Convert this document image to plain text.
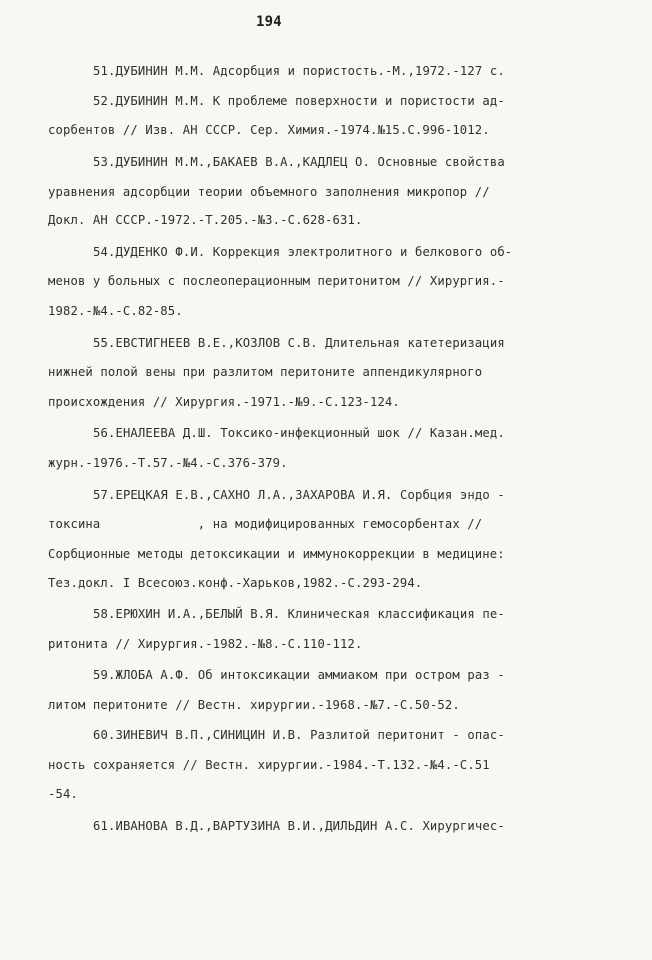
194
51.ДУБИНИН М.М. Адсорбция и пористость.-М.,1972.-127 с.
52.ДУБИНИН М.М. К проблеме поверхности и пористости ад-
сорбентов // Изв. АН СССР. Сер. Химия.-1974.№15.С.996-1012.
53.ДУБИНИН М.М.,БАКАЕВ В.А.,КАДЛЕЦ О. Основные свойства
уравнения адсорбции теории объемного заполнения микропор //
Докл. АН СССР.-1972.-Т.205.-№3.-С.628-631.
54.ДУДЕНКО Ф.И. Коррекция электролитного и белкового об-
менов у больных с послеоперационным перитонитом // Хирургия.-
1982.-№4.-С.82-85.
55.ЕВСТИГНЕЕВ В.Е.,КОЗЛОВ С.В. Длительная катетеризация
нижней полой вены при разлитом перитоните аппендикулярного
происхождения // Хирургия.-1971.-№9.-С.123-124.
56.ЕНАЛЕЕВА Д.Ш. Токсико-инфекционный шок // Казан.мед.
журн.-1976.-Т.57.-№4.-С.376-379.
57.ЕРЕЦКАЯ Е.В.,САХНО Л.А.,ЗАХАРОВА И.Я. Сорбция эндо -
токсина             , на модифицированных гемосорбентах //
Сорбционные методы детоксикации и иммунокоррекции в медицине:
Тез.докл. I Всесоюз.конф.-Харьков,1982.-С.293-294.
58.ЕРЮХИН И.А.,БЕЛЫЙ В.Я. Клиническая классификация пе-
ритонита // Хирургия.-1982.-№8.-С.110-112.
59.ЖЛОБА А.Ф. Об интоксикации аммиаком при остром раз -
литом перитоните // Вестн. хирургии.-1968.-№7.-С.50-52.
60.ЗИНЕВИЧ В.П.,СИНИЦИН И.В. Разлитой перитонит - опас-
ность сохраняется // Вестн. хирургии.-1984.-Т.132.-№4.-С.51
-54.
61.ИВАНОВА В.Д.,ВАРТУЗИНА В.И.,ДИЛЬДИН А.С. Хирургичес-
